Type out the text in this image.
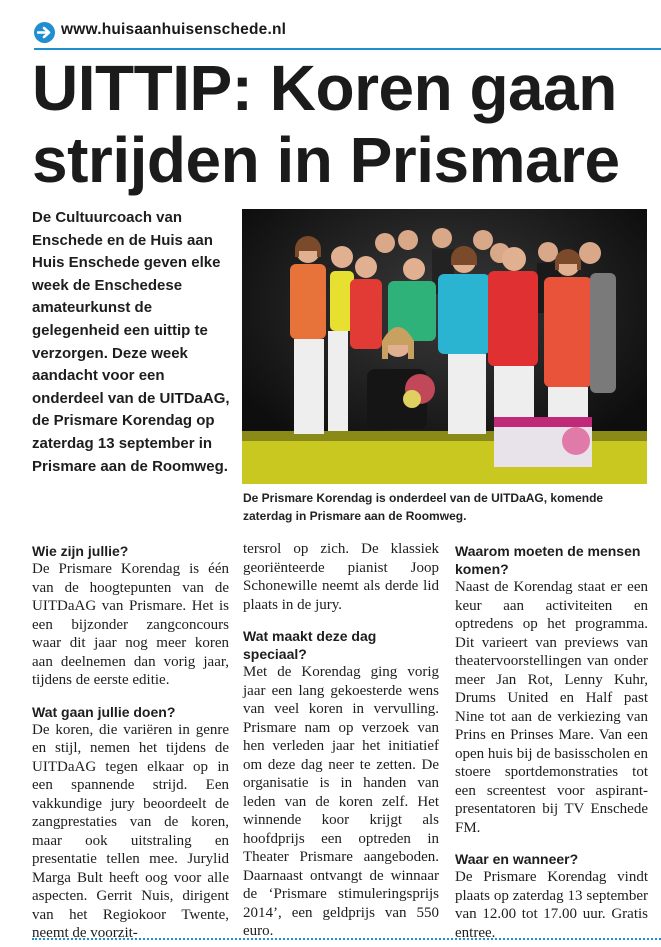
www.huisaanhuisenschede.nl
UITTIP: Koren gaan strijden in Prismare
De Cultuurcoach van Enschede en de Huis aan Huis Enschede geven elke week de Enschedese amateurkunst de gelegenheid een uittip te verzorgen. Deze week aandacht voor een onderdeel van de UITDaAG, de Prismare Korendag op zaterdag 13 september in Prismare aan de Roomweg.
De Prismare Korendag is onderdeel van de UITDaAG, komende zaterdag in Prismare aan de Roomweg.
Wie zijn jullie?

De Prismare Korendag is één van de hoogtepunten van de UITDaAG van Prismare. Het is een bijzonder zangconcours waar dit jaar nog meer koren aan deelnemen dan vorig jaar, tijdens de eerste editie.

Wat gaan jullie doen?

De koren, die variëren in genre en stijl, nemen het tijdens de UITDaAG tegen elkaar op in een spannende strijd. Een vakkundige jury beoordeelt de zangprestaties van de koren, maar ook uitstraling en presentatie tellen mee. Jurylid Marga Bult heeft oog voor alle aspecten. Gerrit Nuis, dirigent van het Regiokoor Twente, neemt de voorzit-

tersrol op zich. De klassiek georiënteerde pianist Joop Schonewille neemt als derde lid plaats in de jury.

Wat maakt deze dag speciaal?

Met de Korendag ging vorig jaar een lang gekoesterde wens van veel koren in vervulling. Prismare nam op verzoek van hen verleden jaar het initiatief om deze dag neer te zetten. De organisatie is in handen van leden van de koren zelf. Het winnende koor krijgt als hoofdprijs een optreden in Theater Prismare aangeboden. Daarnaast ontvangt de winnaar de ‘Prismare stimuleringsprijs 2014’, een geldprijs van 550 euro.

Waarom moeten de mensen komen?

Naast de Korendag staat er een keur aan activiteiten en optredens op het programma. Dit varieert van previews van theatervoorstellingen van onder meer Jan Rot, Lenny Kuhr, Drums United en Half past Nine tot aan de verkiezing van Prins en Prinses Mare. Van een open huis bij de basisscholen en stoere sportdemonstraties tot een screentest voor aspirant-presentatoren bij TV Enschede FM.

Waar en wanneer?

De Prismare Korendag vindt plaats op zaterdag 13 september van 12.00 tot 17.00 uur. Gratis entree.
